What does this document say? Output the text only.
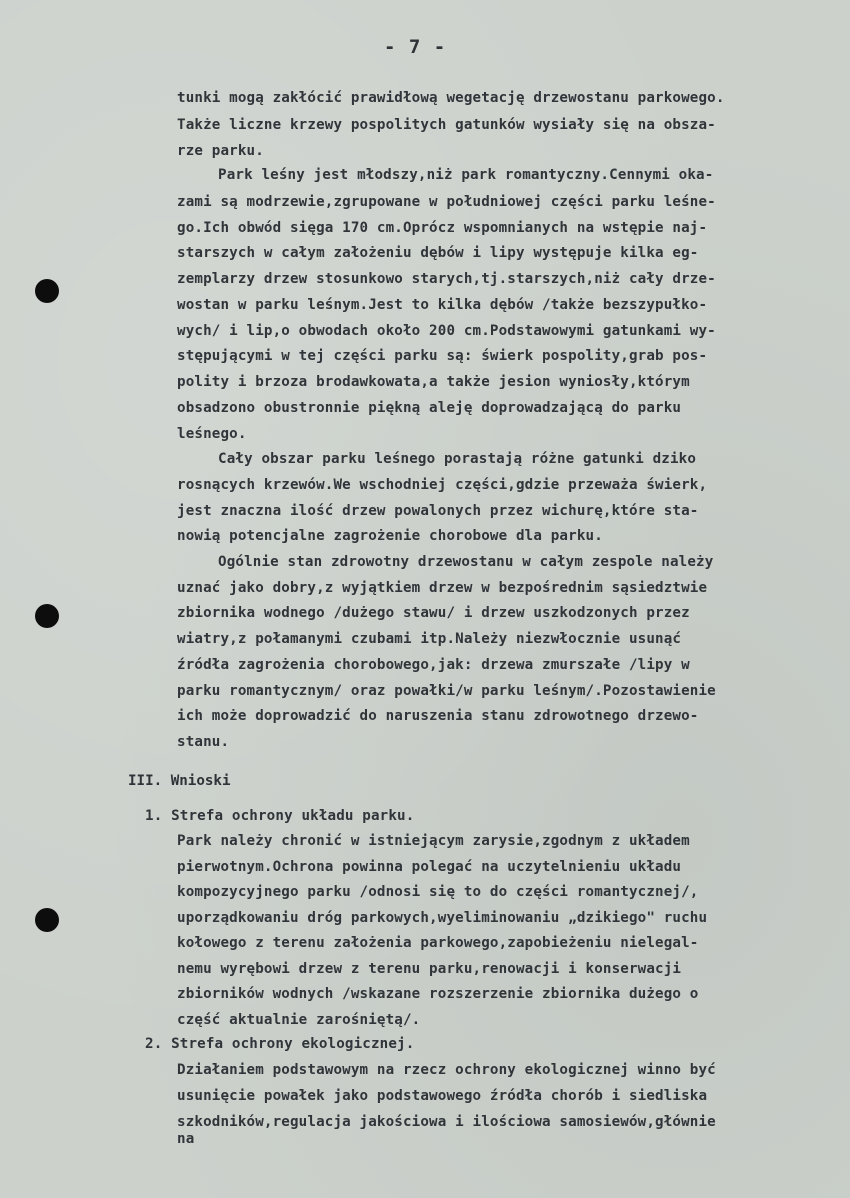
- 7 -
tunki mogą zakłócić prawidłową wegetację drzewostanu parkowego.
Także liczne krzewy pospolitych gatunków wysiały się na obsza-
rze parku.
Park leśny jest młodszy,niż park romantyczny.Cennymi oka-
zami są modrzewie,zgrupowane w południowej części parku leśne-
go.Ich obwód sięga 170 cm.Oprócz wspomnianych na wstępie naj-
starszych w całym założeniu dębów i lipy występuje kilka eg-
zemplarzy drzew stosunkowo starych,tj.starszych,niż cały drze-
wostan w parku leśnym.Jest to kilka dębów /także bezszypułko-
wych/ i lip,o obwodach około 200 cm.Podstawowymi gatunkami wy-
stępującymi w tej części parku są: świerk pospolity,grab pos-
polity i brzoza brodawkowata,a także jesion wyniosły,którym
obsadzono obustronnie piękną aleję doprowadzającą do parku
leśnego.
Cały obszar parku leśnego porastają różne gatunki dziko
rosnących krzewów.We wschodniej części,gdzie przeważa świerk,
jest znaczna ilość drzew powalonych przez wichurę,które sta-
nowią potencjalne zagrożenie chorobowe dla parku.
Ogólnie stan zdrowotny drzewostanu w całym zespole należy
uznać jako dobry,z wyjątkiem drzew w bezpośrednim sąsiedztwie
zbiornika wodnego /dużego stawu/ i drzew uszkodzonych przez
wiatry,z połamanymi czubami itp.Należy niezwłocznie usunąć
źródła zagrożenia chorobowego,jak: drzewa zmurszałe /lipy w
parku romantycznym/ oraz powałki/w parku leśnym/.Pozostawienie
ich może doprowadzić do naruszenia stanu zdrowotnego drzewo-
stanu.
III. Wnioski
1. Strefa ochrony układu parku.
Park należy chronić w istniejącym zarysie,zgodnym z układem
pierwotnym.Ochrona powinna polegać na uczytelnieniu układu
kompozycyjnego parku /odnosi się to do części romantycznej/,
uporządkowaniu dróg parkowych,wyeliminowaniu „dzikiego" ruchu
kołowego z terenu założenia parkowego,zapobieżeniu nielegal-
nemu wyrębowi drzew z terenu parku,renowacji i konserwacji
zbiorników wodnych /wskazane rozszerzenie zbiornika dużego o
część aktualnie zarośniętą/.
2. Strefa ochrony ekologicznej.
Działaniem podstawowym na rzecz ochrony ekologicznej winno być
usunięcie powałek jako podstawowego źródła chorób i siedliska
szkodników,regulacja jakościowa i ilościowa samosiewów,głównie
na
